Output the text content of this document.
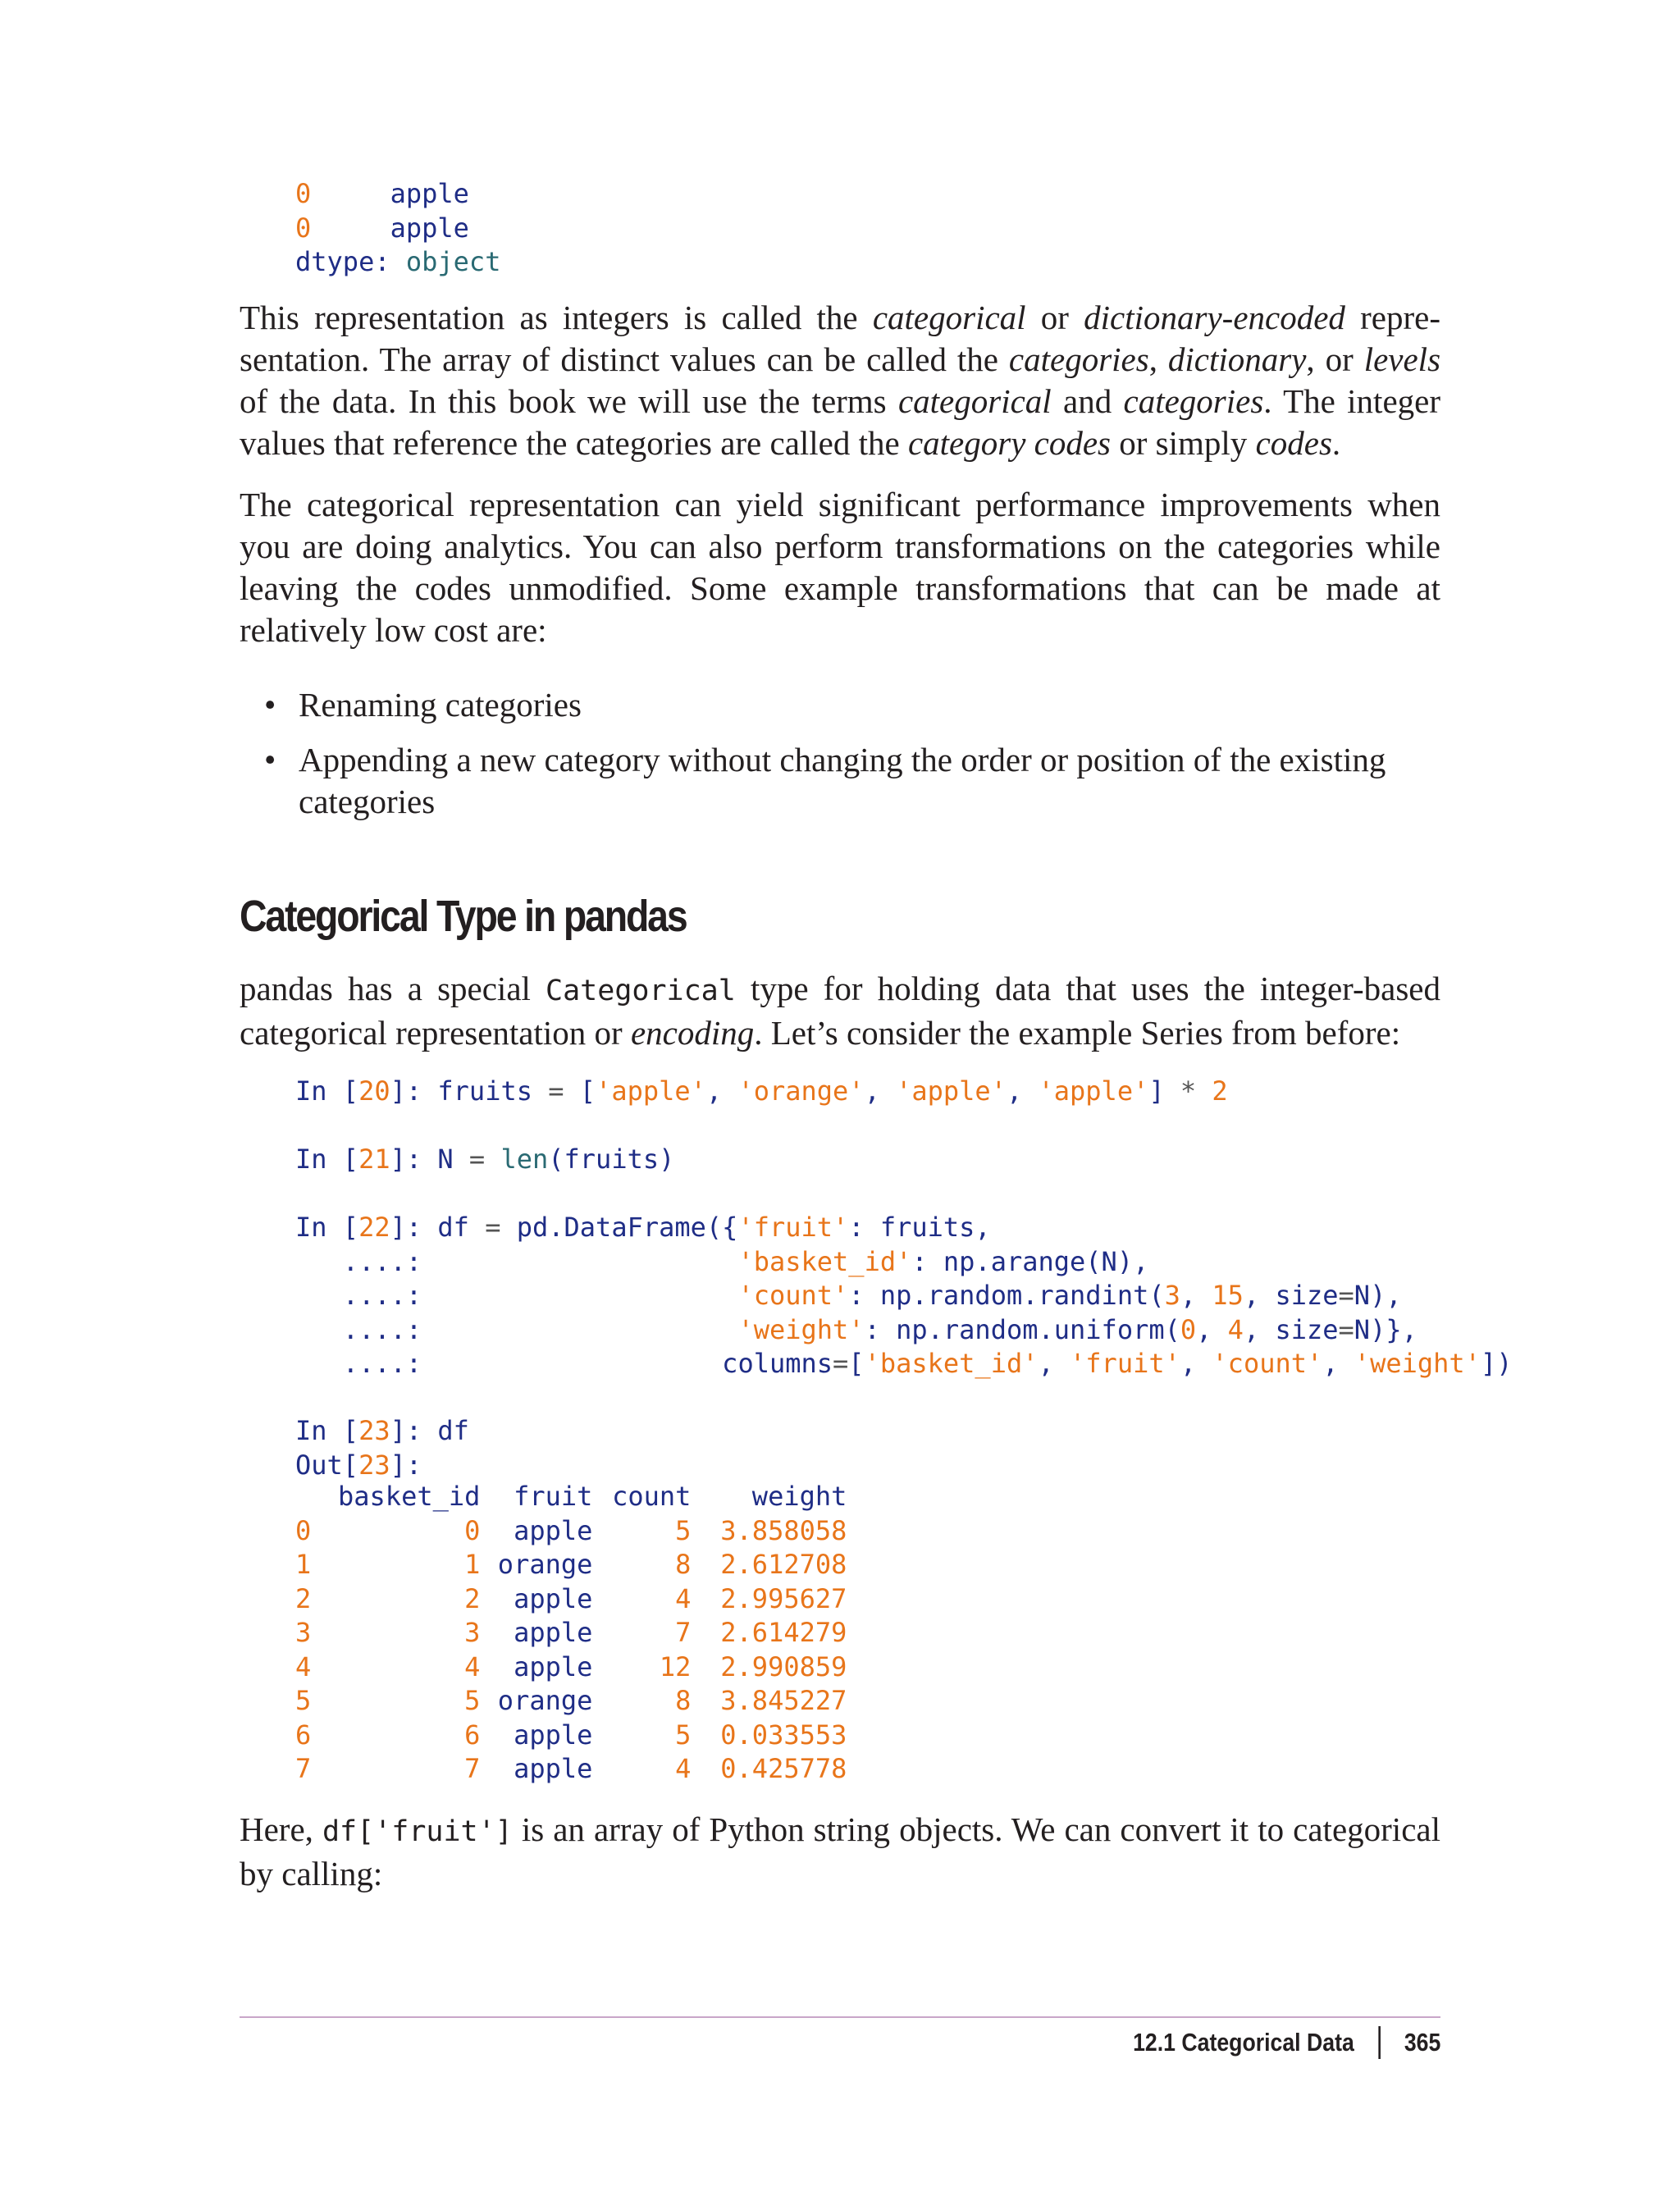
0	apple
0	apple
dtype: object

This representation as integers is called the categorical or dictionary-encoded representation. The array of distinct values can be called the categories, dictionary, or levels of the data. In this book we will use the terms categorical and categories. The integer values that reference the categories are called the category codes or simply codes.

The categorical representation can yield significant performance improvements when you are doing analytics. You can also perform transformations on the categories while leaving the codes unmodified. Some example transformations that can be made at relatively low cost are:

• Renaming categories
• Appending a new category without changing the order or position of the existing categories
Categorical Type in pandas

pandas has a special Categorical type for holding data that uses the integer-based categorical representation or encoding. Let’s consider the example Series from before:

In [20]: fruits = ['apple', 'orange', 'apple', 'apple'] * 2
In [21]: N = len(fruits)
In [22]: df = pd.DataFrame({'fruit': fruits,
....:	'basket_id': np.arange(N),
....:	'count': np.random.randint(3, 15, size=N),
....:	'weight': np.random.uniform(0, 4, size=N)},
....:                   columns=['basket_id', 'fruit', 'count', 'weight'])
In [23]: df
Out[23]:
	basket_id	fruit	count	weight
0	0	apple	5	3.858058
1	1	orange	8	2.612708
2	2	apple	4	2.995627
3	3	apple	7	2.614279
4	4	apple	12	2.990859
5	5	orange	8	3.845227
6	6	apple	5	0.033553
7	7	apple	4	0.425778

Here, df['fruit'] is an array of Python string objects. We can convert it to categorical by calling:

12.1 Categorical Data 365
